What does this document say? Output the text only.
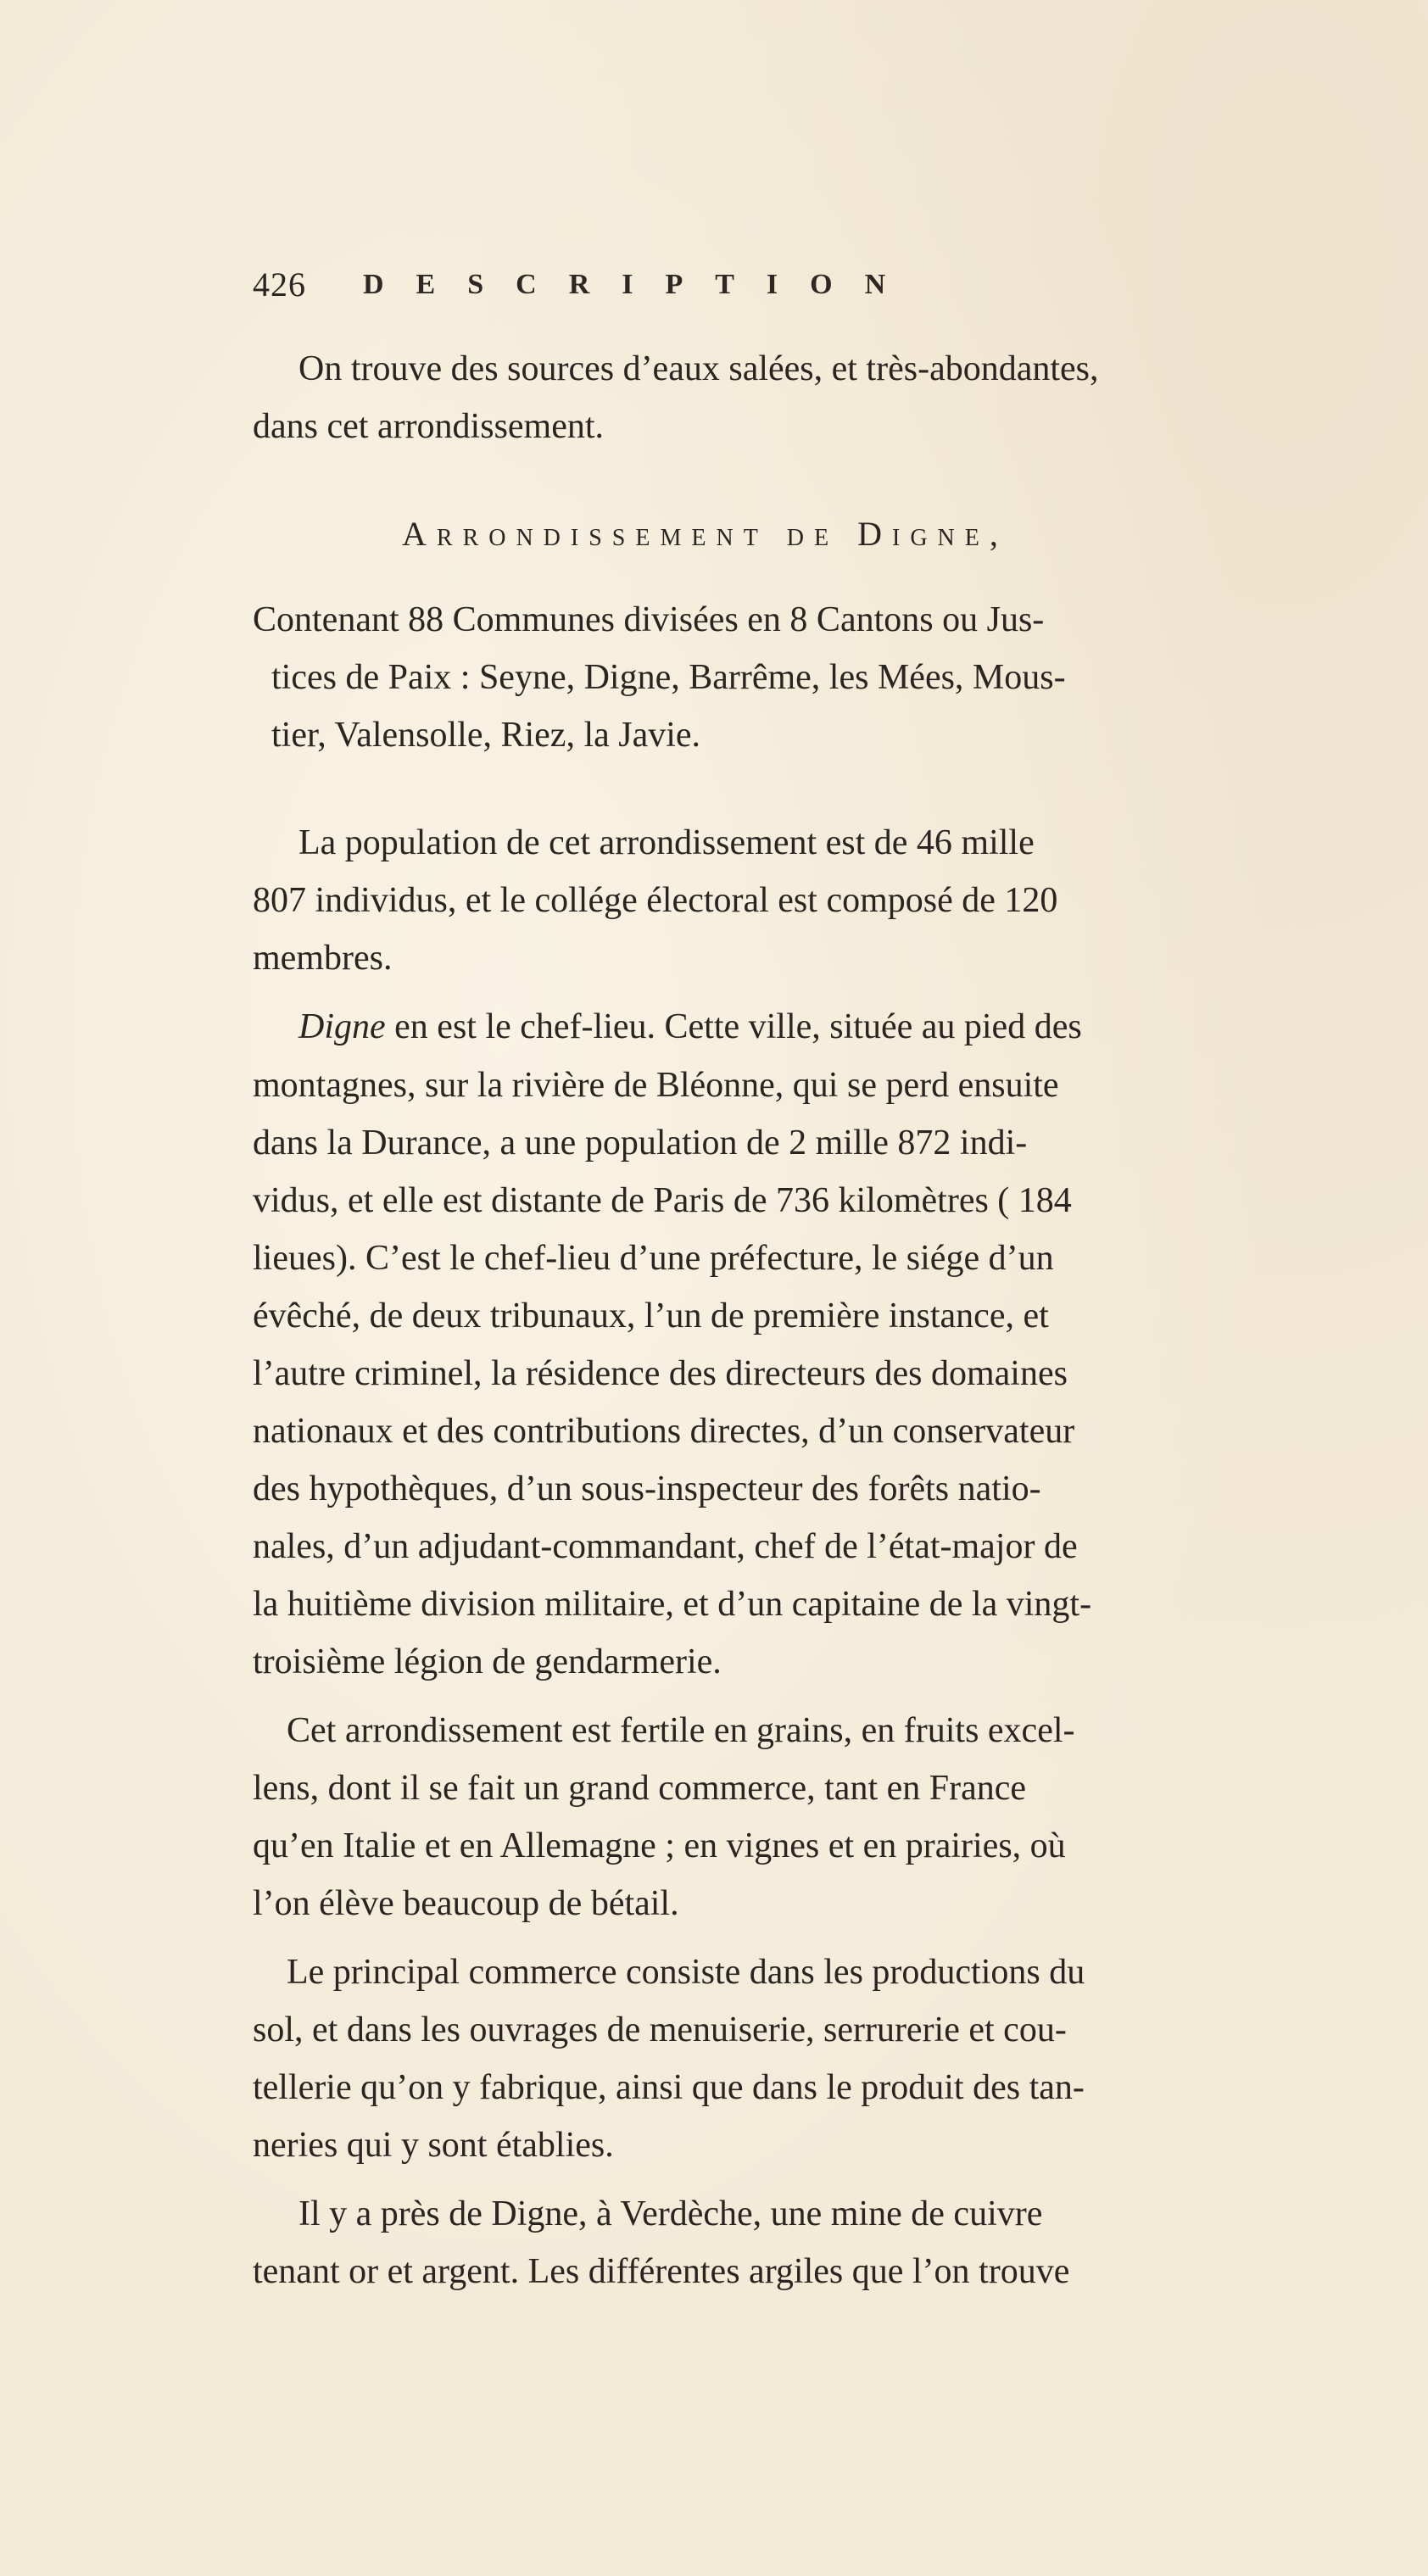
426 DESCRIPTION
On trouve des sources d’eaux salées, et très-abondantes,
dans cet arrondissement.
Arrondissement de Digne,
Contenant 88 Communes divisées en 8 Cantons ou Jus-
tices de Paix : Seyne, Digne, Barrême, les Mées, Mous-
tier, Valensolle, Riez, la Javie.
La population de cet arrondissement est de 46 mille
807 individus, et le collége électoral est composé de 120
membres.
Digne en est le chef-lieu. Cette ville, située au pied des
montagnes, sur la rivière de Bléonne, qui se perd ensuite
dans la Durance, a une population de 2 mille 872 indi-
vidus, et elle est distante de Paris de 736 kilomètres ( 184
lieues). C’est le chef-lieu d’une préfecture, le siége d’un
évêché, de deux tribunaux, l’un de première instance, et
l’autre criminel, la résidence des directeurs des domaines
nationaux et des contributions directes, d’un conservateur
des hypothèques, d’un sous-inspecteur des forêts natio-
nales, d’un adjudant-commandant, chef de l’état-major de
la huitième division militaire, et d’un capitaine de la vingt-
troisième légion de gendarmerie.
Cet arrondissement est fertile en grains, en fruits excel-
lens, dont il se fait un grand commerce, tant en France
qu’en Italie et en Allemagne ; en vignes et en prairies, où
l’on élève beaucoup de bétail.
Le principal commerce consiste dans les productions du
sol, et dans les ouvrages de menuiserie, serrurerie et cou-
tellerie qu’on y fabrique, ainsi que dans le produit des tan-
neries qui y sont établies.
Il y a près de Digne, à Verdèche, une mine de cuivre
tenant or et argent. Les différentes argiles que l’on trouve
